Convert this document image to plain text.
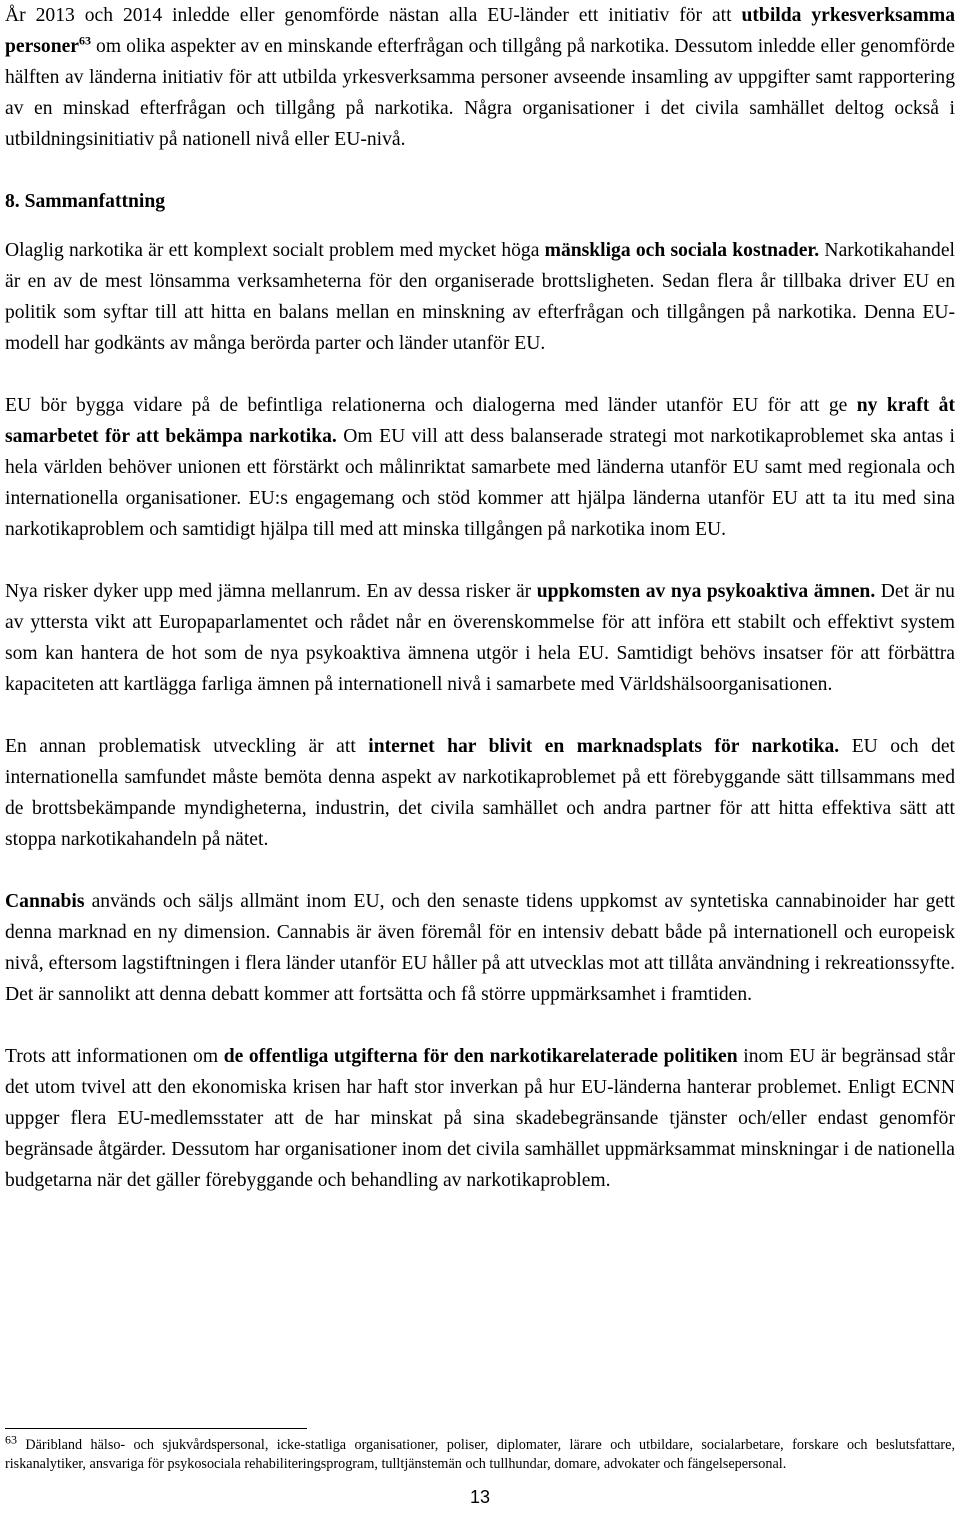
År 2013 och 2014 inledde eller genomförde nästan alla EU-länder ett initiativ för att utbilda yrkesverksamma personer$^{63}$ om olika aspekter av en minskande efterfrågan och tillgång på narkotika. Dessutom inledde eller genomförde hälften av länderna initiativ för att utbilda yrkesverksamma personer avseende insamling av uppgifter samt rapportering av en minskad efterfrågan och tillgång på narkotika. Några organisationer i det civila samhället deltog också i utbildningsinitiativ på nationell nivå eller EU-nivå.

8. Sammanfattning

Olaglig narkotika är ett komplext socialt problem med mycket höga mänskliga och sociala kostnader. Narkotikahandel är en av de mest lönsamma verksamheterna för den organiserade brottsligheten. Sedan flera år tillbaka driver EU en politik som syftar till att hitta en balans mellan en minskning av efterfrågan och tillgången på narkotika. Denna EU-modell har godkänts av många berörda parter och länder utanför EU.

EU bör bygga vidare på de befintliga relationerna och dialogerna med länder utanför EU för att ge ny kraft åt samarbetet för att bekämpa narkotika. Om EU vill att dess balanserade strategi mot narkotikaproblemet ska antas i hela världen behöver unionen ett förstärkt och målinriktat samarbete med länderna utanför EU samt med regionala och internationella organisationer. EU:s engagemang och stöd kommer att hjälpa länderna utanför EU att ta itu med sina narkotikaproblem och samtidigt hjälpa till med att minska tillgången på narkotika inom EU.

Nya risker dyker upp med jämna mellanrum. En av dessa risker är uppkomsten av nya psykoaktiva ämnen. Det är nu av yttersta vikt att Europaparlamentet och rådet når en överenskommelse för att införa ett stabilt och effektivt system som kan hantera de hot som de nya psykoaktiva ämnena utgör i hela EU. Samtidigt behövs insatser för att förbättra kapaciteten att kartlägga farliga ämnen på internationell nivå i samarbete med Världshälsoorganisationen.

En annan problematisk utveckling är att internet har blivit en marknadsplats för narkotika. EU och det internationella samfundet måste bemöta denna aspekt av narkotikaproblemet på ett förebyggande sätt tillsammans med de brottsbekämpande myndigheterna, industrin, det civila samhället och andra partner för att hitta effektiva sätt att stoppa narkotikahandeln på nätet.

Cannabis används och säljs allmänt inom EU, och den senaste tidens uppkomst av syntetiska cannabinoider har gett denna marknad en ny dimension. Cannabis är även föremål för en intensiv debatt både på internationell och europeisk nivå, eftersom lagstiftningen i flera länder utanför EU håller på att utvecklas mot att tillåta användning i rekreationssyfte. Det är sannolikt att denna debatt kommer att fortsätta och få större uppmärksamhet i framtiden.

Trots att informationen om de offentliga utgifterna för den narkotikarelaterade politiken inom EU är begränsad står det utom tvivel att den ekonomiska krisen har haft stor inverkan på hur EU-länderna hanterar problemet. Enligt ECNN uppger flera EU-medlemsstater att de har minskat på sina skadebegränsande tjänster och/eller endast genomför begränsade åtgärder. Dessutom har organisationer inom det civila samhället uppmärksammat minskningar i de nationella budgetarna när det gäller förebyggande och behandling av narkotikaproblem.

$^{63}$ Däribland hälso- och sjukvårdspersonal, icke-statliga organisationer, poliser, diplomater, lärare och utbildare, socialarbetare, forskare och beslutsfattare, riskanalytiker, ansvariga för psykosociala rehabiliteringsprogram, tulltjänstemän och tullhundar, domare, advokater och fängelsepersonal.

13
